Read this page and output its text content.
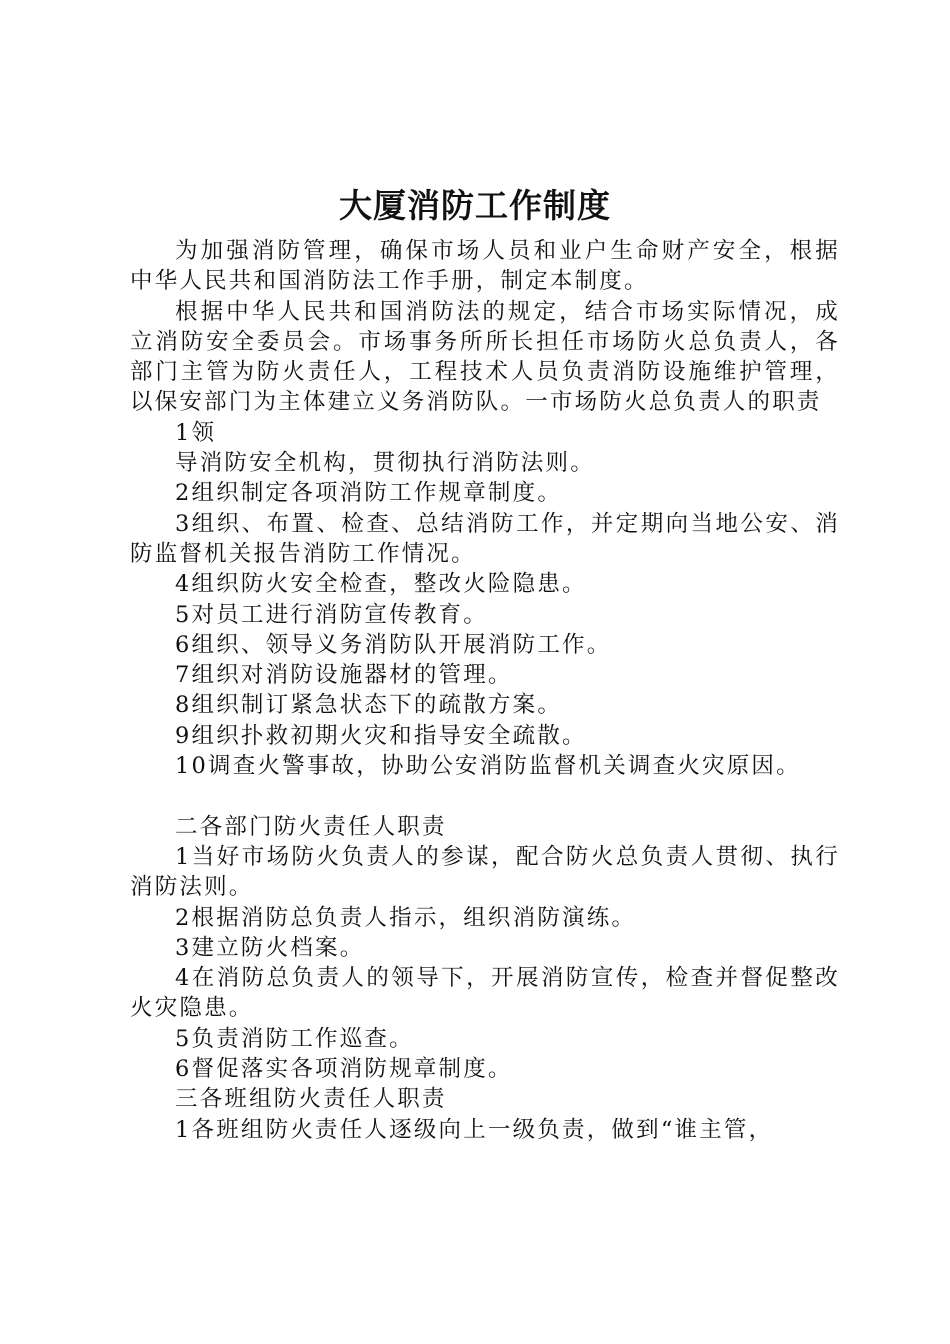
大厦消防工作制度

为加强消防管理，确保市场人员和业户生命财产安全，根据中华人民共和国消防法工作手册，制定本制度。

根据中华人民共和国消防法的规定，结合市场实际情况，成立消防安全委员会。市场事务所所长担任市场防火总负责人，各部门主管为防火责任人，工程技术人员负责消防设施维护管理，以保安部门为主体建立义务消防队。一市场防火总负责人的职责

1领

导消防安全机构，贯彻执行消防法则。

2组织制定各项消防工作规章制度。

3组织、布置、检查、总结消防工作，并定期向当地公安、消防监督机关报告消防工作情况。

4组织防火安全检查，整改火险隐患。

5对员工进行消防宣传教育。

6组织、领导义务消防队开展消防工作。

7组织对消防设施器材的管理。

8组织制订紧急状态下的疏散方案。

9组织扑救初期火灾和指导安全疏散。

10调查火警事故，协助公安消防监督机关调查火灾原因。

二各部门防火责任人职责

1当好市场防火负责人的参谋，配合防火总负责人贯彻、执行消防法则。

2根据消防总负责人指示，组织消防演练。

3建立防火档案。

4在消防总负责人的领导下，开展消防宣传，检查并督促整改火灾隐患。

5负责消防工作巡查。

6督促落实各项消防规章制度。

三各班组防火责任人职责

1各班组防火责任人逐级向上一级负责，做到“谁主管，
